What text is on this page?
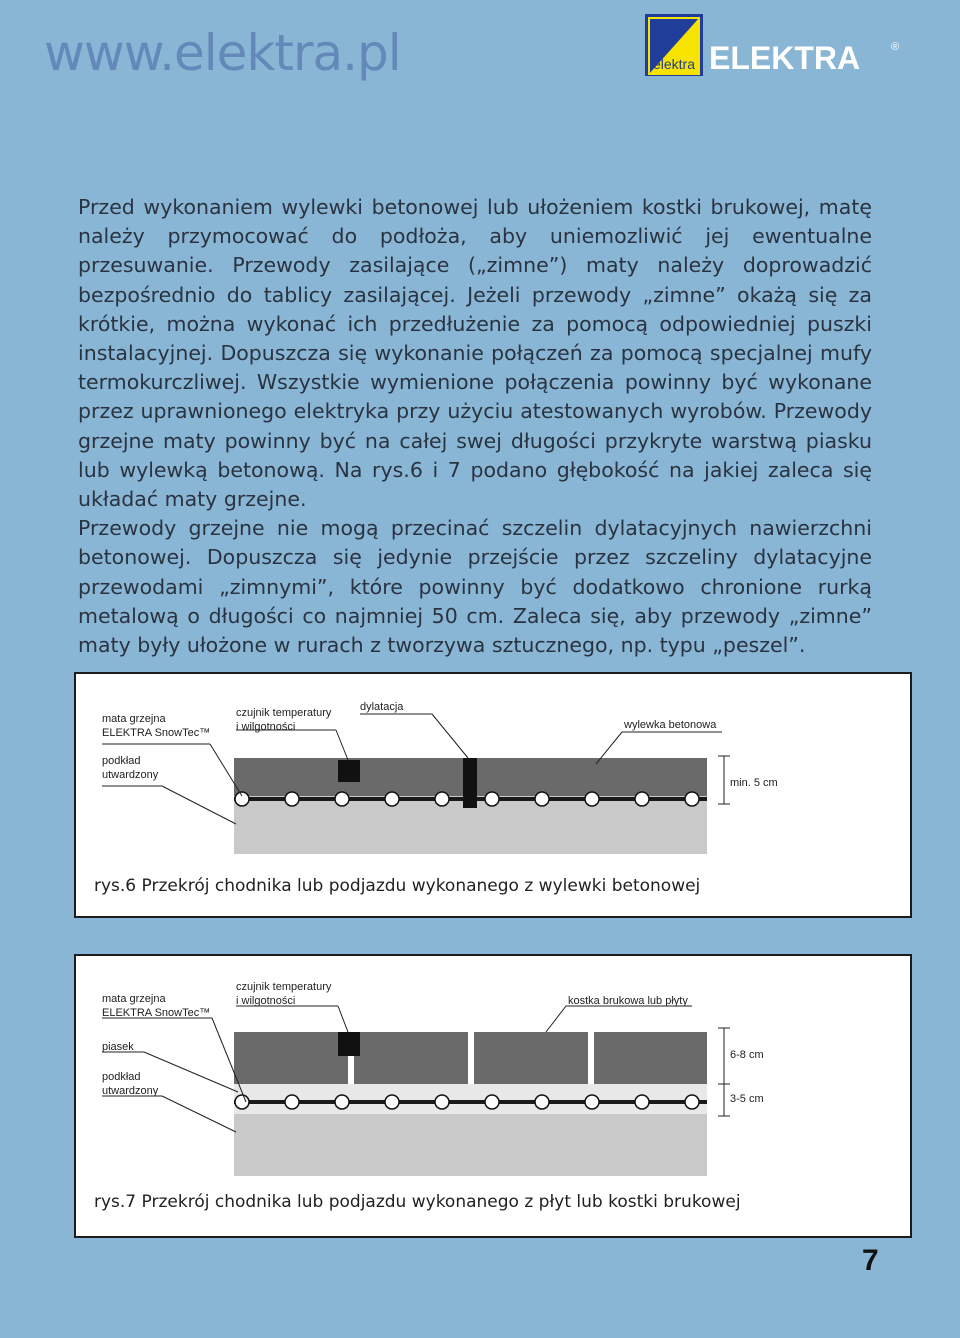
www.elektra.pl	elektra ELEKTRA	®

Przed wykonaniem wylewki betonowej lub ułożeniem kostki brukowej, matę należy przymocować do podłoża, aby uniemozliwić jej ewentualne przesuwanie. Przewody zasilające („zimne”) maty należy doprowadzić bezpośrednio do tablicy zasilającej. Jeżeli przewody „zimne” okażą się za krótkie, można wykonać ich przedłużenie za pomocą odpowiedniej puszki instalacyjnej. Dopuszcza się wykonanie połączeń za pomocą specjalnej mufy termokurczliwej. Wszystkie wymienione połączenia powinny być wykonane przez uprawnionego elektryka przy użyciu atestowanych wyrobów. Przewody grzejne maty powinny być na całej swej długości przykryte warstwą piasku lub wylewką betonową. Na rys.6 i 7 podano głębokość na jakiej zaleca się układać maty grzejne.

Przewody grzejne nie mogą przecinać szczelin dylatacyjnych nawierzchni betonowej. Dopuszcza się jedynie przejście przez szczeliny dylatacyjne przewodami „zimnymi”, które powinny być dodatkowo chronione rurką metalową o długości co najmniej 50 cm. Zaleca się, aby przewody „zimne” maty były ułożone w rurach z tworzywa sztucznego, np. typu „peszel”.

mata grzejna
ELEKTRA SnowTec™
czujnik temperatury
i wilgotności
dylatacja
wylewka betonowa
podkład
utwardzony
min. 5 cm
rys.6 Przekrój chodnika lub podjazdu wykonanego z wylewki betonowej
mata grzejna
ELEKTRA SnowTec™
czujnik temperatury
i wilgotności	kostka brukowa lub płyty
piasek
podkład
utwardzony
6-8 cm
3-5 cm
rys.7 Przekrój chodnika lub podjazdu wykonanego z płyt lub kostki brukowej
7
